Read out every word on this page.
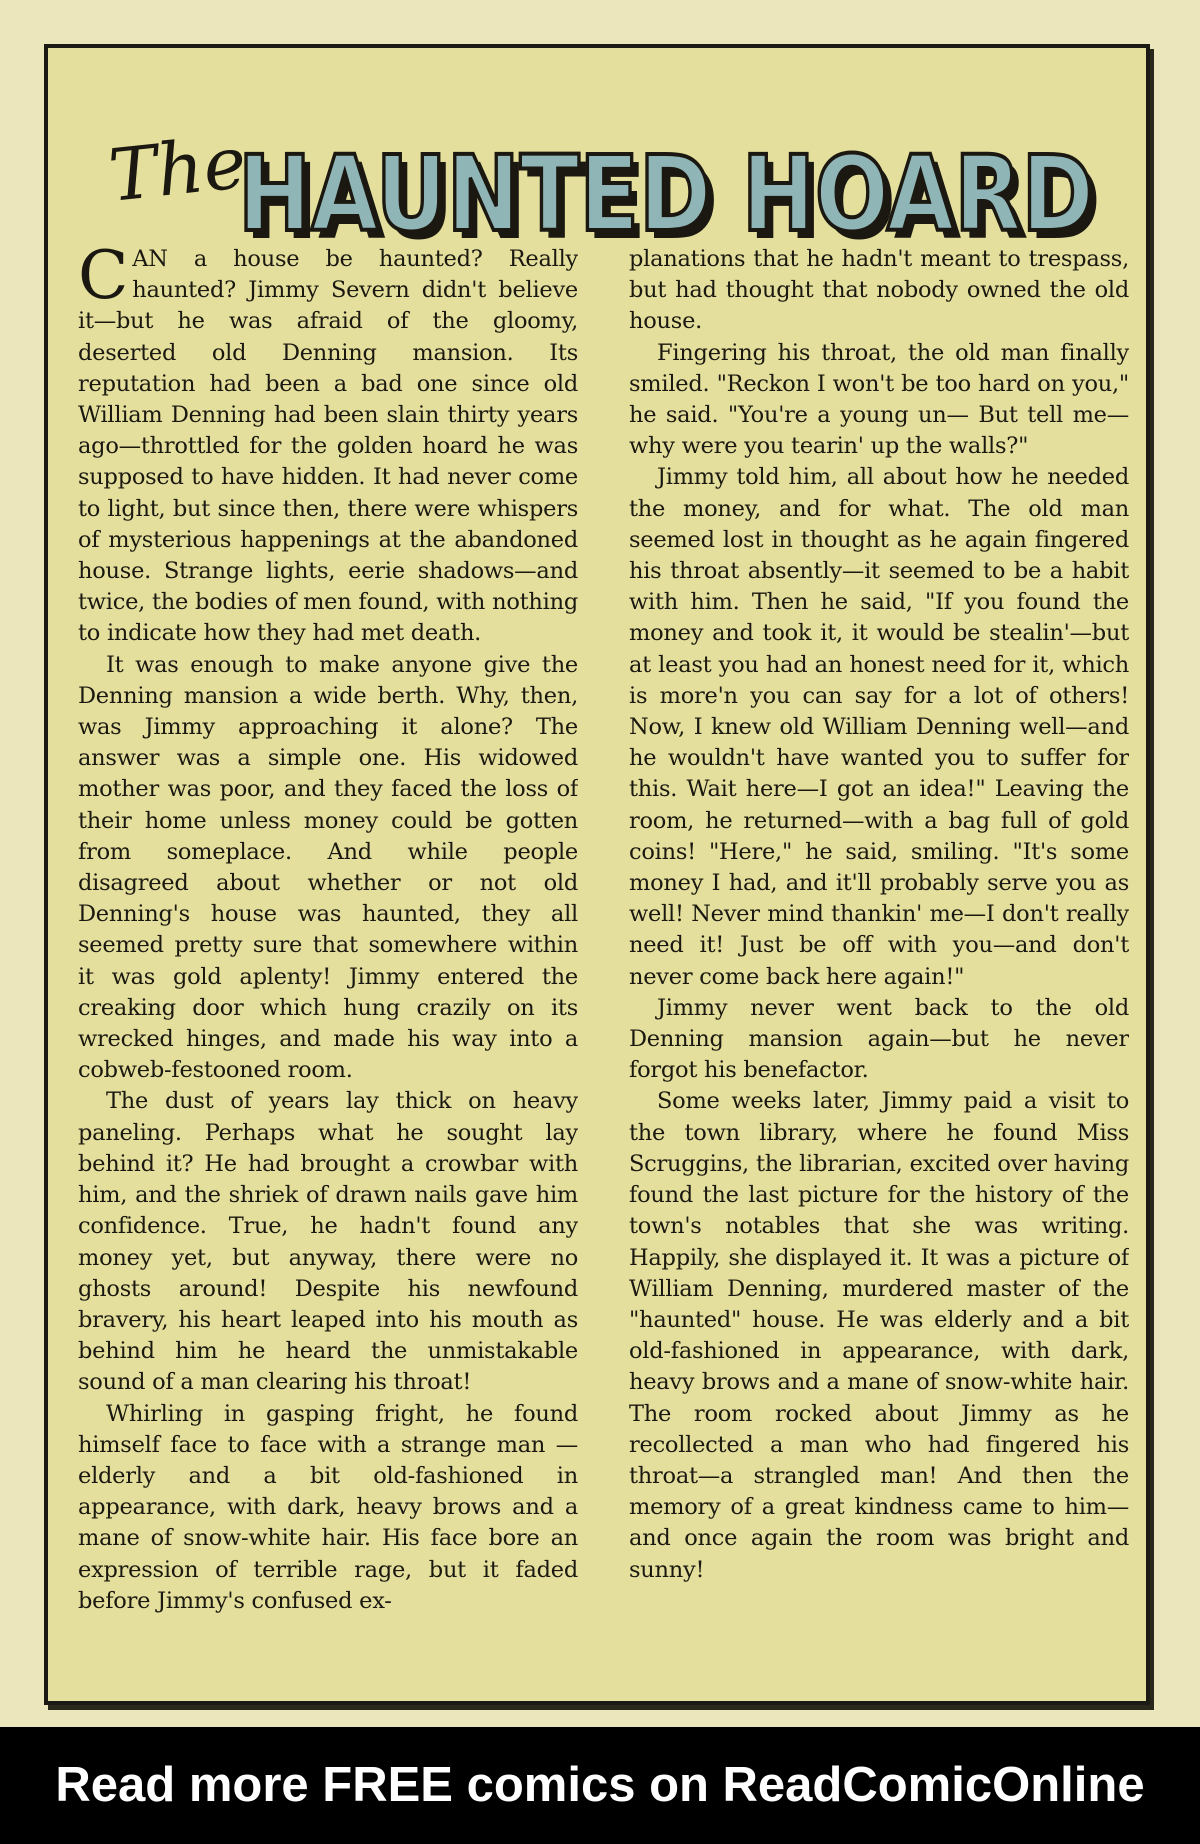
The
HAUNTED HOARD
HAUNTED HOARD

CAN a house be haunted? Really haunted? Jimmy Severn didn't believe it—but he was afraid of the gloomy, deserted old Denning mansion. Its reputation had been a bad one since old William Denning had been slain thirty years ago—throttled for the golden hoard he was supposed to have hidden. It had never come to light, but since then, there were whispers of mysterious happenings at the abandoned house. Strange lights, eerie shadows—and twice, the bodies of men found, with nothing to indicate how they had met death.

It was enough to make anyone give the Denning mansion a wide berth. Why, then, was Jimmy approaching it alone? The answer was a simple one. His widowed mother was poor, and they faced the loss of their home unless money could be gotten from someplace. And while people disagreed about whether or not old Denning's house was haunted, they all seemed pretty sure that somewhere within it was gold aplenty! Jimmy entered the creaking door which hung crazily on its wrecked hinges, and made his way into a cobweb-festooned room.

The dust of years lay thick on heavy paneling. Perhaps what he sought lay behind it? He had brought a crowbar with him, and the shriek of drawn nails gave him confidence. True, he hadn't found any money yet, but anyway, there were no ghosts around! Despite his newfound bravery, his heart leaped into his mouth as behind him he heard the unmistakable sound of a man clearing his throat!

Whirling in gasping fright, he found himself face to face with a strange man —elderly and a bit old-fashioned in appearance, with dark, heavy brows and a mane of snow-white hair. His face bore an expression of terrible rage, but it faded before Jimmy's confused ex-

planations that he hadn't meant to trespass, but had thought that nobody owned the old house.

Fingering his throat, the old man finally smiled. "Reckon I won't be too hard on you," he said. "You're a young un— But tell me—why were you tearin' up the walls?"

Jimmy told him, all about how he needed the money, and for what. The old man seemed lost in thought as he again fingered his throat absently—it seemed to be a habit with him. Then he said, "If you found the money and took it, it would be stealin'—but at least you had an honest need for it, which is more'n you can say for a lot of others! Now, I knew old William Denning well—and he wouldn't have wanted you to suffer for this. Wait here—I got an idea!" Leaving the room, he returned—with a bag full of gold coins! "Here," he said, smiling. "It's some money I had, and it'll probably serve you as well! Never mind thankin' me—I don't really need it! Just be off with you—and don't never come back here again!"

Jimmy never went back to the old Denning mansion again—but he never forgot his benefactor.

Some weeks later, Jimmy paid a visit to the town library, where he found Miss Scruggins, the librarian, excited over having found the last picture for the history of the town's notables that she was writing. Happily, she displayed it. It was a picture of William Denning, murdered master of the "haunted" house. He was elderly and a bit old-fashioned in appearance, with dark, heavy brows and a mane of snow-white hair. The room rocked about Jimmy as he recollected a man who had fingered his throat—a strangled man! And then the memory of a great kindness came to him—and once again the room was bright and sunny!

Read more FREE comics on ReadComicOnline
